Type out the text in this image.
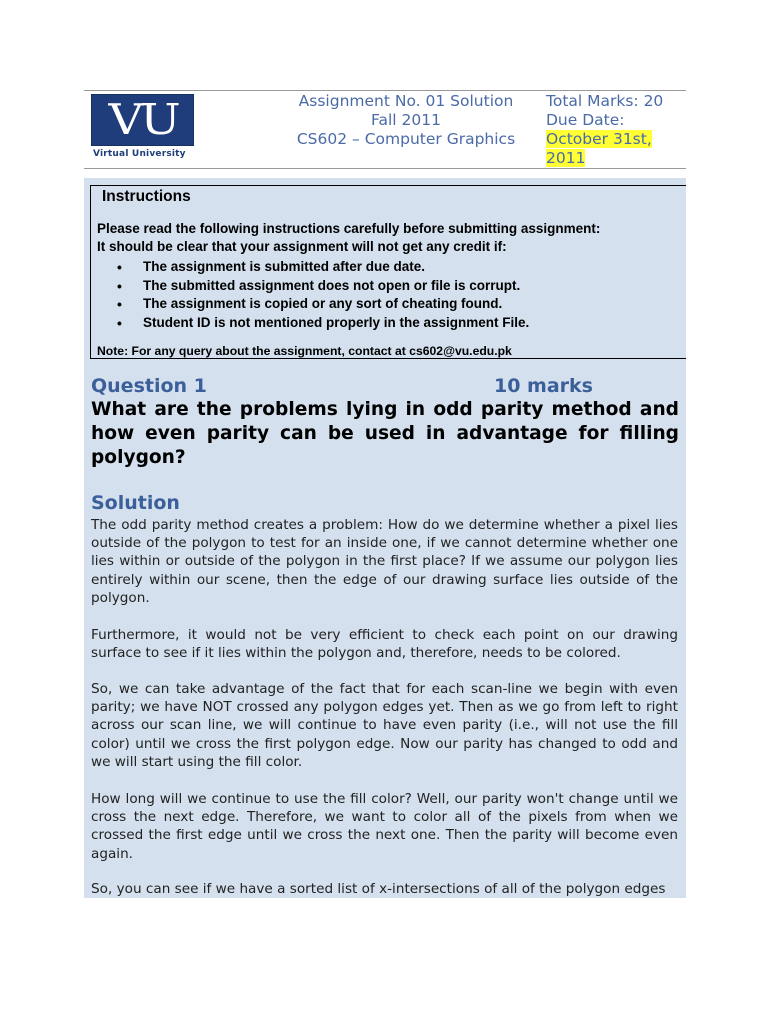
VU
Virtual University
Assignment No. 01 Solution
Fall 2011
CS602 – Computer Graphics
Total Marks: 20
Due Date:
October 31st,
2011
Instructions
Please read the following instructions carefully before submitting assignment:
It should be clear that your assignment will not get any credit if:
• The assignment is submitted after due date.
• The submitted assignment does not open or file is corrupt.
• The assignment is copied or any sort of cheating found.
• Student ID is not mentioned properly in the assignment File.
Note: For any query about the assignment, contact at cs602@vu.edu.pk
Question 1	10 marks
What are the problems lying in odd parity method and how even parity can be used in advantage for filling polygon?
Solution
The odd parity method creates a problem: How do we determine whether a pixel lies outside of the polygon to test for an inside one, if we cannot determine whether one lies within or outside of the polygon in the first place? If we assume our polygon lies entirely within our scene, then the edge of our drawing surface lies outside of the polygon.
Furthermore, it would not be very efficient to check each point on our drawing surface to see if it lies within the polygon and, therefore, needs to be colored.
So, we can take advantage of the fact that for each scan-line we begin with even parity; we have NOT crossed any polygon edges yet. Then as we go from left to right across our scan line, we will continue to have even parity (i.e., will not use the fill color) until we cross the first polygon edge. Now our parity has changed to odd and we will start using the fill color.
How long will we continue to use the fill color? Well, our parity won't change until we cross the next edge. Therefore, we want to color all of the pixels from when we crossed the first edge until we cross the next one. Then the parity will become even again.
So, you can see if we have a sorted list of x-intersections of all of the polygon edges
